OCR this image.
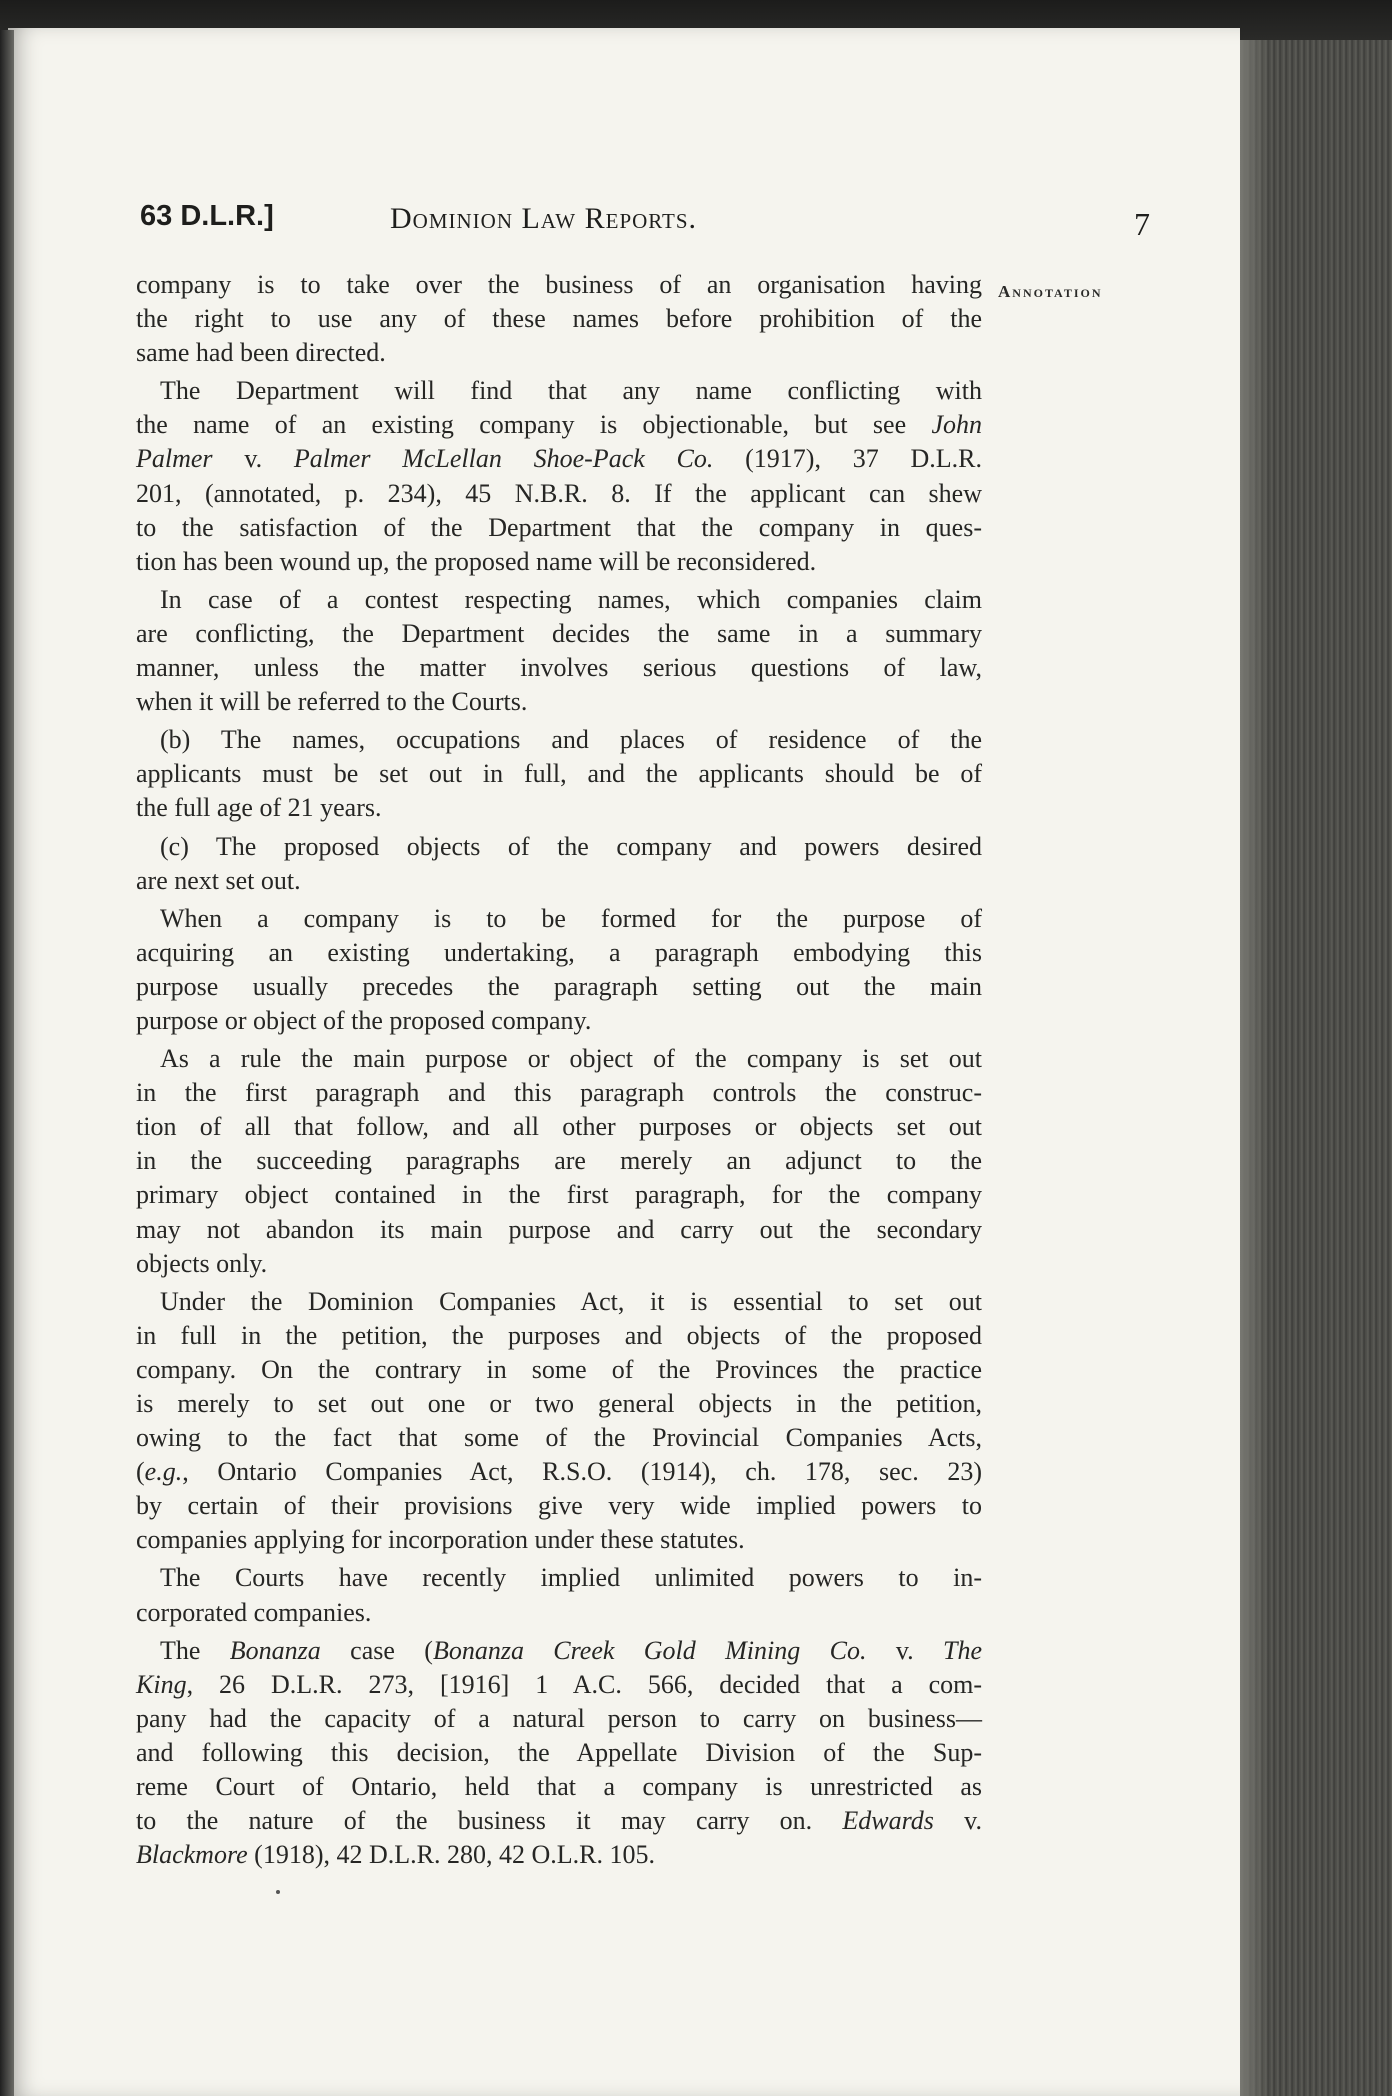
63 D.L.R.]	Dominion Law Reports.	7
Annotation
company is to take over the business of an organisation having
the right to use any of these names before prohibition of the
same had been directed.
The Department will find that any name conflicting with
the name of an existing company is objectionable, but see John
Palmer v. Palmer McLellan Shoe-Pack Co. (1917), 37 D.L.R.
201, (annotated, p. 234), 45 N.B.R. 8. If the applicant can shew
to the satisfaction of the Department that the company in ques-
tion has been wound up, the proposed name will be reconsidered.
In case of a contest respecting names, which companies claim
are conflicting, the Department decides the same in a summary
manner, unless the matter involves serious questions of law,
when it will be referred to the Courts.
(b) The names, occupations and places of residence of the
applicants must be set out in full, and the applicants should be of
the full age of 21 years.
(c) The proposed objects of the company and powers desired
are next set out.
When a company is to be formed for the purpose of
acquiring an existing undertaking, a paragraph embodying this
purpose usually precedes the paragraph setting out the main
purpose or object of the proposed company.
As a rule the main purpose or object of the company is set out
in the first paragraph and this paragraph controls the construc-
tion of all that follow, and all other purposes or objects set out
in the succeeding paragraphs are merely an adjunct to the
primary object contained in the first paragraph, for the company
may not abandon its main purpose and carry out the secondary
objects only.
Under the Dominion Companies Act, it is essential to set out
in full in the petition, the purposes and objects of the proposed
company. On the contrary in some of the Provinces the practice
is merely to set out one or two general objects in the petition,
owing to the fact that some of the Provincial Companies Acts,
(e.g., Ontario Companies Act, R.S.O. (1914), ch. 178, sec. 23)
by certain of their provisions give very wide implied powers to
companies applying for incorporation under these statutes.
The Courts have recently implied unlimited powers to in-
corporated companies.
The Bonanza case (Bonanza Creek Gold Mining Co. v. The
King, 26 D.L.R. 273, [1916] 1 A.C. 566, decided that a com-
pany had the capacity of a natural person to carry on business—
and following this decision, the Appellate Division of the Sup-
reme Court of Ontario, held that a company is unrestricted as
to the nature of the business it may carry on. Edwards v.
Blackmore (1918), 42 D.L.R. 280, 42 O.L.R. 105.
